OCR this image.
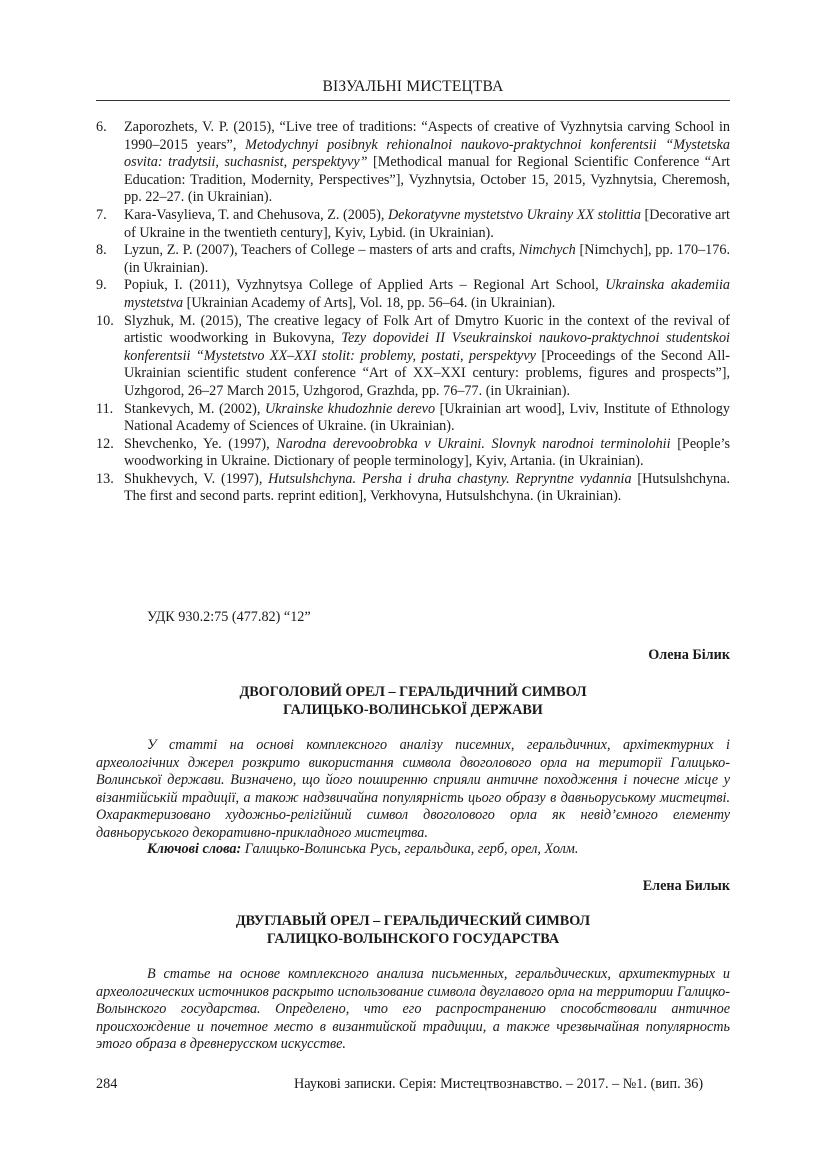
ВІЗУАЛЬНІ МИСТЕЦТВА
6. Zaporozhets, V. P. (2015), “Live tree of traditions: “Aspects of creative of Vyzhnytsia carving School in 1990–2015 years”, Metodychnyi posibnyk rehionalnoi naukovo-praktychnoi konferentsii “Mystetska osvita: tradytsii, suchasnist, perspektyvy” [Methodical manual for Regional Scientific Conference “Art Education: Tradition, Modernity, Perspectives”], Vyzhnytsia, October 15, 2015, Vyzhnytsia, Cheremosh, pp. 22–27. (in Ukrainian).
7. Kara-Vasylieva, T. and Chehusova, Z. (2005), Dekoratyvne mystetstvo Ukrainy XX stolittia [Decorative art of Ukraine in the twentieth century], Kyiv, Lybid. (in Ukrainian).
8. Lyzun, Z. P. (2007), Teachers of College – masters of arts and crafts, Nimchych [Nimchych], pp. 170–176. (in Ukrainian).
9. Popiuk, I. (2011), Vyzhnytsya College of Applied Arts – Regional Art School, Ukrainska akademiia mystetstva [Ukrainian Academy of Arts], Vol. 18, pp. 56–64. (in Ukrainian).
10. Slyzhuk, M. (2015), The creative legacy of Folk Art of Dmytro Kuoric in the context of the revival of artistic woodworking in Bukovyna, Tezy dopovidei II Vseukrainskoi naukovo-praktychnoi studentskoi konferentsii “Mystetstvo XX–XXI stolit: problemy, postati, perspektyvy [Proceedings of the Second All-Ukrainian scientific student conference “Art of XX–XXI century: problems, figures and prospects”], Uzhgorod, 26–27 March 2015, Uzhgorod, Grazhda, pp. 76–77. (in Ukrainian).
11. Stankevych, M. (2002), Ukrainske khudozhnie derevo [Ukrainian art wood], Lviv, Institute of Ethnology National Academy of Sciences of Ukraine. (in Ukrainian).
12. Shevchenko, Ye. (1997), Narodna derevoobrobka v Ukraini. Slovnyk narodnoi terminolohii [People’s woodworking in Ukraine. Dictionary of people terminology], Kyiv, Artania. (in Ukrainian).
13. Shukhevych, V. (1997), Hutsulshchyna. Persha i druha chastyny. Repryntne vydannia [Hutsulshchyna. The first and second parts. reprint edition], Verkhovyna, Hutsulshchyna. (in Ukrainian).
УДК 930.2:75 (477.82) “12”
Олена Білик
ДВОГОЛОВИЙ ОРЕЛ – ГЕРАЛЬДИЧНИЙ СИМВОЛ
ГАЛИЦЬКО-ВОЛИНСЬКОЇ ДЕРЖАВИ

У статті на основі комплексного аналізу писемних, геральдичних, архітектурних і археологічних джерел розкрито використання символа двоголового орла на території Галицько-Волинської держави. Визначено, що його поширенню сприяли античне походження і почесне місце у візантійській традиції, а також надзвичайна популярність цього образу в давньоруському мистецтві. Охарактеризовано художньо-релігійний символ двоголового орла як невід’ємного елементу давньоруського декоративно-прикладного мистецтва.

Ключові слова: Галицько-Волинська Русь, геральдика, герб, орел, Холм.
Елена Билык
ДВУГЛАВЫЙ ОРЕЛ – ГЕРАЛЬДИЧЕСКИЙ СИМВОЛ
ГАЛИЦКО-ВОЛЫНСКОГО ГОСУДАРСТВА

В статье на основе комплексного анализа письменных, геральдических, архитектурных и археологических источников раскрыто использование символа двуглавого орла на территории Галицко-Волынского государства. Определено, что его распространению способствовали античное происхождение и почетное место в византийской традиции, а также чрезвычайная популярность этого образа в древнерусском искусстве.

284	Наукові записки. Серія: Мистецтвознавство. – 2017. – №1. (вип. 36)
